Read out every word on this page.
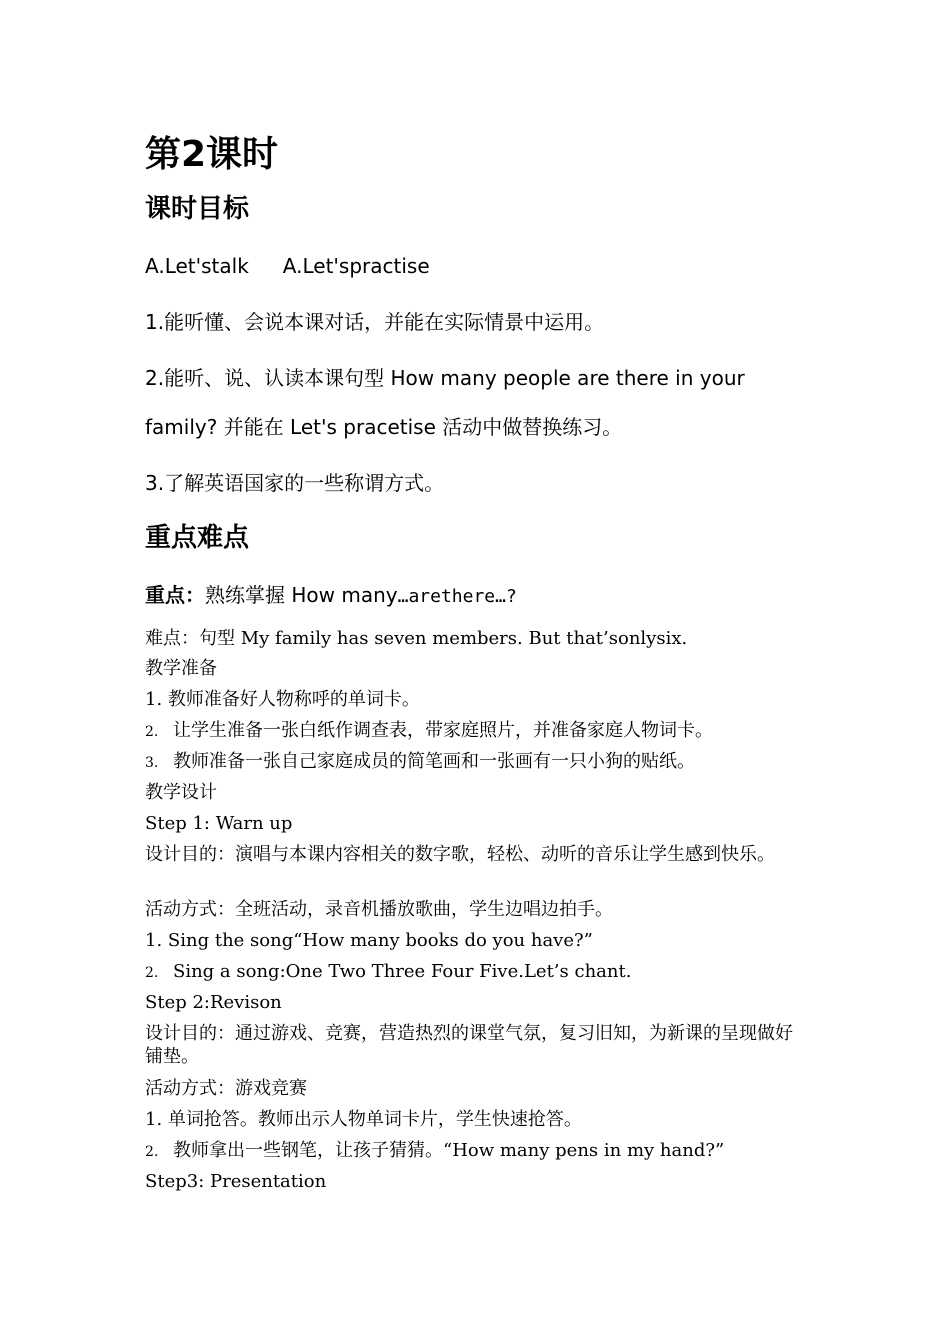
第2课时
课时目标
A.Let'stalk A.Let'spractise
1.能听懂、会说本课对话，并能在实际情景中运用。
2.能听、说、认读本课句型 How many people are there in your
family? 并能在 Let's pracetise 活动中做替换练习。
3.了解英语国家的一些称谓方式。
重点难点
重点：熟练掌握 How many…arethere…?
难点：句型 My family has seven members. But that’sonlysix.
教学准备
1. 教师准备好人物称呼的单词卡。
2. 让学生准备一张白纸作调查表，带家庭照片，并准备家庭人物词卡。
3. 教师准备一张自己家庭成员的简笔画和一张画有一只小狗的贴纸。
教学设计
Step 1: Warn up
设计目的：演唱与本课内容相关的数字歌，轻松、动听的音乐让学生感到快乐。
活动方式：全班活动，录音机播放歌曲，学生边唱边拍手。
1. Sing the song“How many books do you have?”
2. Sing a song:One Two Three Four Five.Let’s chant.
Step 2:Revison
设计目的：通过游戏、竞赛，营造热烈的课堂气氛，复习旧知，为新课的呈现做好铺垫。
活动方式：游戏竞赛
1. 单词抢答。教师出示人物单词卡片，学生快速抢答。
2. 教师拿出一些钢笔，让孩子猜猜。“How many pens in my hand?”
Step3: Presentation
